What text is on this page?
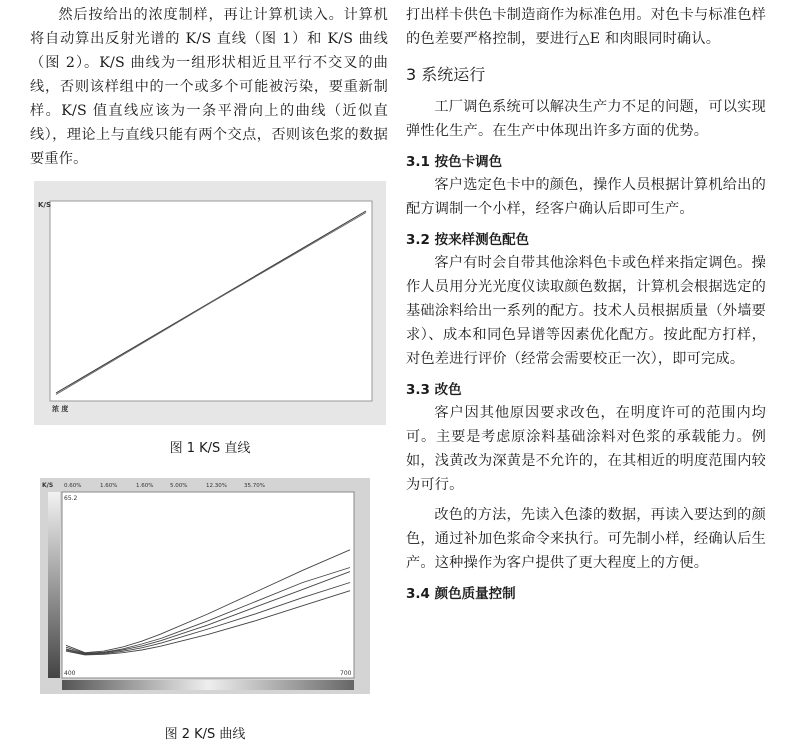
然后按给出的浓度制样，再让计算机读入。计算机将自动算出反射光谱的 K/S 直线（图 1）和 K/S 曲线（图 2）。K/S 曲线为一组形状相近且平行不交叉的曲线，否则该样组中的一个或多个可能被污染，要重新制样。K/S 值直线应该为一条平滑向上的曲线（近似直线），理论上与直线只能有两个交点，否则该色浆的数据要重作。

K/S
浓 度
图 1 K/S 直线
K/S 0.60%	1.60%	1.60%	5.00%	12.30%	35.70%
65.2
400	700
图 2 K/S 曲线

打出样卡供色卡制造商作为标准色用。对色卡与标准色样的色差要严格控制，要进行△E 和肉眼同时确认。

3 系统运行

工厂调色系统可以解决生产力不足的问题，可以实现弹性化生产。在生产中体现出许多方面的优势。

3.1 按色卡调色

客户选定色卡中的颜色，操作人员根据计算机给出的配方调制一个小样，经客户确认后即可生产。

3.2 按来样测色配色

客户有时会自带其他涂料色卡或色样来指定调色。操作人员用分光光度仪读取颜色数据，计算机会根据选定的基础涂料给出一系列的配方。技术人员根据质量（外墙要求）、成本和同色异谱等因素优化配方。按此配方打样，对色差进行评价（经常会需要校正一次），即可完成。

3.3 改色

客户因其他原因要求改色，在明度许可的范围内均可。主要是考虑原涂料基础涂料对色浆的承载能力。例如，浅黄改为深黄是不允许的，在其相近的明度范围内较为可行。

改色的方法，先读入色漆的数据，再读入要达到的颜色，通过补加色浆命令来执行。可先制小样，经确认后生产。这种操作为客户提供了更大程度上的方便。

3.4 颜色质量控制
